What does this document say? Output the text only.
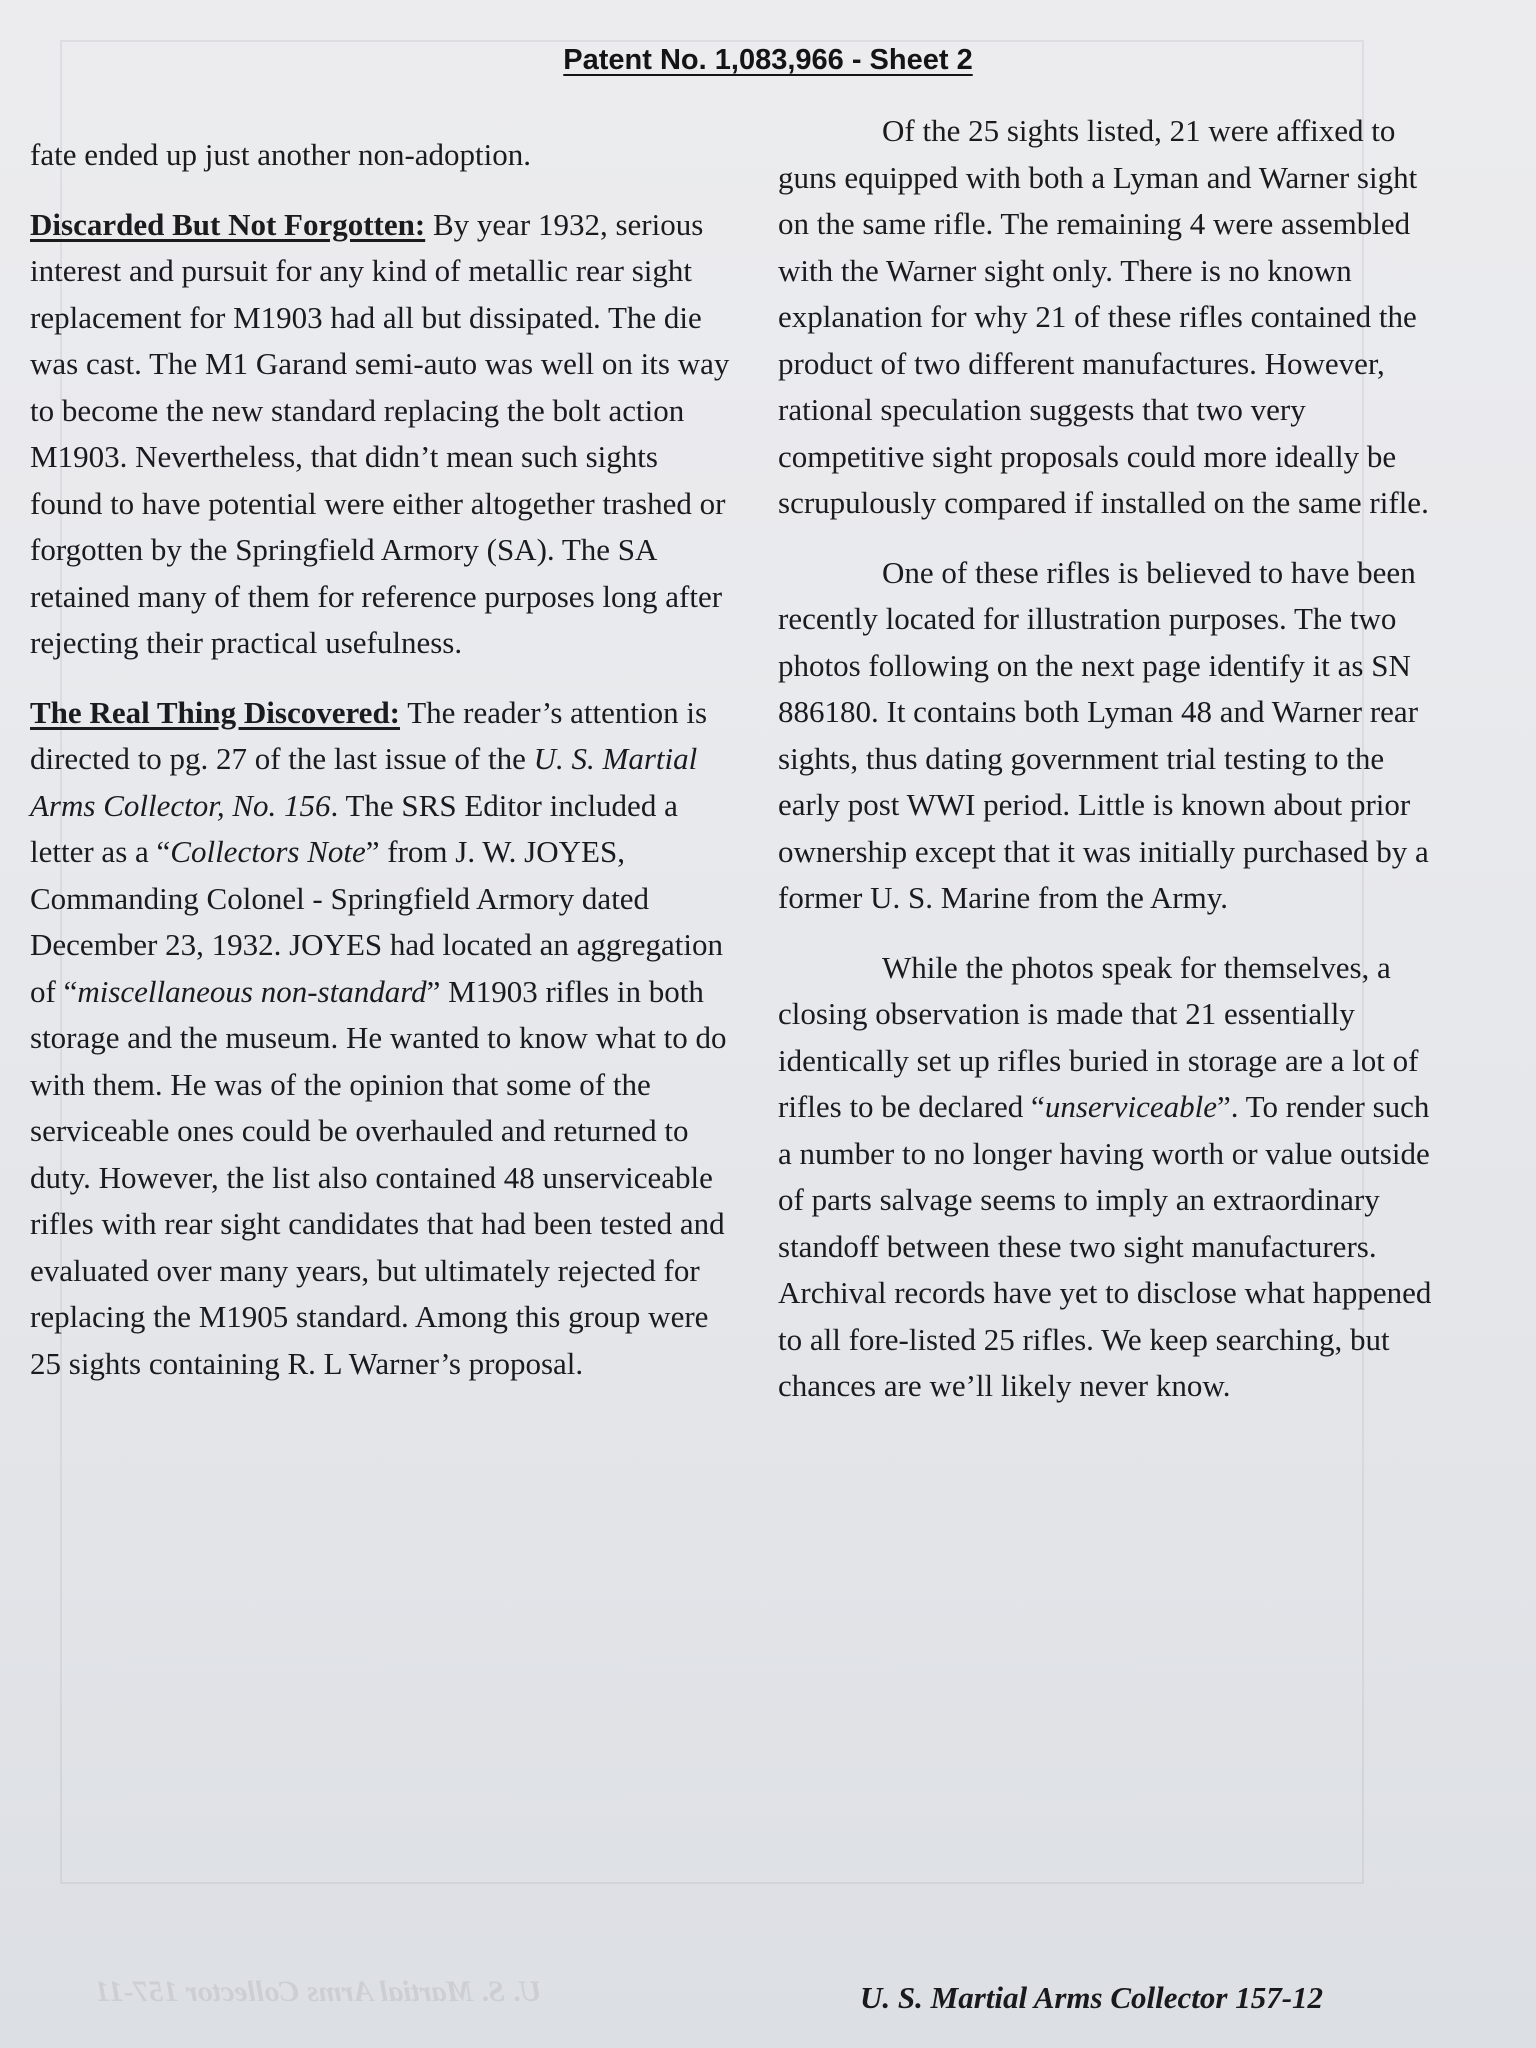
Patent No. 1,083,966 - Sheet 2

fate ended up just another non-adoption.

Discarded But Not Forgotten: By year 1932, serious interest and pursuit for any kind of metallic rear sight replacement for M1903 had all but dissipated. The die was cast. The M1 Garand semi-auto was well on its way to become the new standard replacing the bolt action M1903. Nevertheless, that didn’t mean such sights found to have potential were either altogether trashed or forgotten by the Springfield Armory (SA). The SA retained many of them for reference purposes long after rejecting their practical usefulness.

The Real Thing Discovered: The reader’s attention is directed to pg. 27 of the last issue of the U. S. Martial Arms Collector, No. 156. The SRS Editor included a letter as a “Collectors Note” from J. W. JOYES, Commanding Colonel - Springfield Armory dated December 23, 1932. JOYES had located an aggregation of “miscellaneous non-standard” M1903 rifles in both storage and the museum. He wanted to know what to do with them. He was of the opinion that some of the serviceable ones could be overhauled and returned to duty. However, the list also contained 48 unserviceable rifles with rear sight candidates that had been tested and evaluated over many years, but ultimately rejected for replacing the M1905 standard. Among this group were 25 sights containing R. L Warner’s proposal.

Of the 25 sights listed, 21 were affixed to guns equipped with both a Lyman and Warner sight on the same rifle. The remaining 4 were assembled with the Warner sight only. There is no known explanation for why 21 of these rifles contained the product of two different manufactures. However, rational speculation suggests that two very competitive sight proposals could more ideally be scrupulously compared if installed on the same rifle.

One of these rifles is believed to have been recently located for illustration purposes. The two photos following on the next page identify it as SN 886180. It contains both Lyman 48 and Warner rear sights, thus dating government trial testing to the early post WWI period. Little is known about prior ownership except that it was initially purchased by a former U. S. Marine from the Army.

While the photos speak for themselves, a closing observation is made that 21 essentially identically set up rifles buried in storage are a lot of rifles to be declared “unserviceable”. To render such a number to no longer having worth or value outside of parts salvage seems to imply an extraordinary standoff between these two sight manufacturers. Archival records have yet to disclose what happened to all fore-listed 25 rifles. We keep searching, but chances are we’ll likely never know.

U. S. Martial Arms Collector 157-11	U. S. Martial Arms Collector 157-12
